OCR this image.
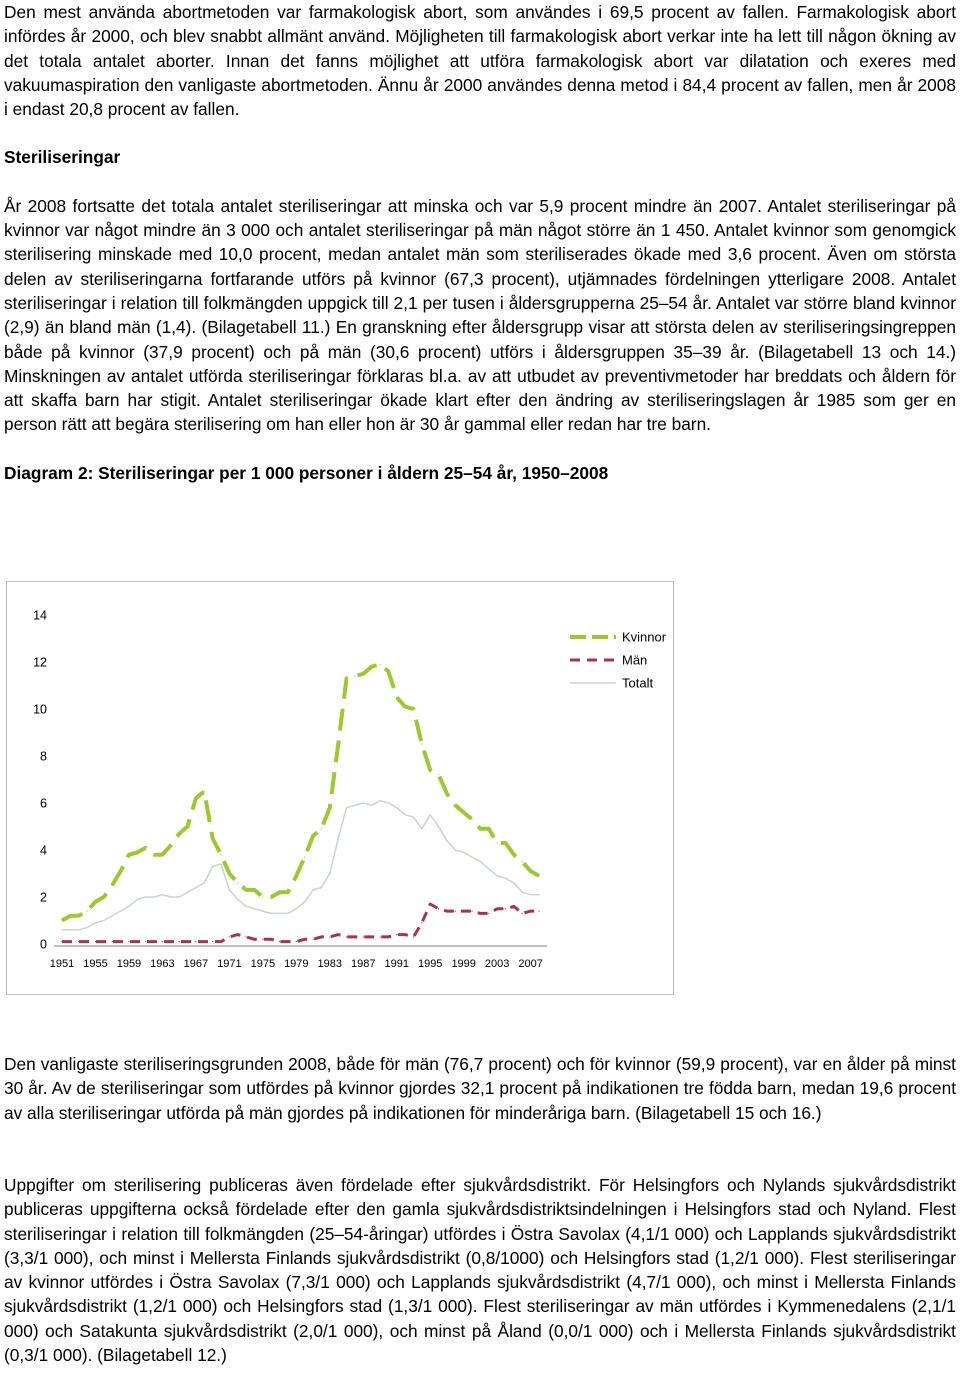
Den mest använda abortmetoden var farmakologisk abort, som användes i 69,5 procent av fallen. Farmakologisk abort infördes år 2000, och blev snabbt allmänt använd. Möjligheten till farmakologisk abort verkar inte ha lett till någon ökning av det totala antalet aborter. Innan det fanns möjlighet att utföra farmakologisk abort var dilatation och exeres med vakuumaspiration den vanligaste abortmetoden. Ännu år 2000 användes denna metod i 84,4 procent av fallen, men år 2008 i endast 20,8 procent av fallen.

Steriliseringar

År 2008 fortsatte det totala antalet steriliseringar att minska och var 5,9 procent mindre än 2007. Antalet steriliseringar på kvinnor var något mindre än 3 000 och antalet steriliseringar på män något större än 1 450. Antalet kvinnor som genomgick sterilisering minskade med 10,0 procent, medan antalet män som steriliserades ökade med 3,6 procent. Även om största delen av steriliseringarna fortfarande utförs på kvinnor (67,3 procent), utjämnades fördelningen ytterligare 2008. Antalet steriliseringar i relation till folkmängden uppgick till 2,1 per tusen i åldersgrupperna 25–54 år. Antalet var större bland kvinnor (2,9) än bland män (1,4). (Bilagetabell 11.) En granskning efter åldersgrupp visar att största delen av steriliseringsingreppen både på kvinnor (37,9 procent) och på män (30,6 procent) utförs i åldersgruppen 35–39 år. (Bilagetabell 13 och 14.) Minskningen av antalet utförda steriliseringar förklaras bl.a. av att utbudet av preventivmetoder har breddats och åldern för att skaffa barn har stigit. Antalet steriliseringar ökade klart efter den ändring av steriliseringslagen år 1985 som ger en person rätt att begära sterilisering om han eller hon är 30 år gammal eller redan har tre barn.

Diagram 2: Steriliseringar per 1 000 personer i åldern 25–54 år, 1950–2008

0
2
4
6
8
10
12
14
1951 1955 1959 1963 1967 1971 1975 1979 1983 1987 1991 1995 1999 2003 2007
Kvinnor
Män
Totalt

Den vanligaste steriliseringsgrunden 2008, både för män (76,7 procent) och för kvinnor (59,9 procent), var en ålder på minst 30 år. Av de steriliseringar som utfördes på kvinnor gjordes 32,1 procent på indikationen tre födda barn, medan 19,6 procent av alla steriliseringar utförda på män gjordes på indikationen för minderåriga barn. (Bilagetabell 15 och 16.)

Uppgifter om sterilisering publiceras även fördelade efter sjukvårdsdistrikt. För Helsingfors och Nylands sjukvårdsdistrikt publiceras uppgifterna också fördelade efter den gamla sjukvårdsdistriktsindelningen i Helsingfors stad och Nyland. Flest steriliseringar i relation till folkmängden (25–54-åringar) utfördes i Östra Savolax (4,1/1 000) och Lapplands sjukvårdsdistrikt (3,3/1 000), och minst i Mellersta Finlands sjukvårdsdistrikt (0,8/1000) och Helsingfors stad (1,2/1 000). Flest steriliseringar av kvinnor utfördes i Östra Savolax (7,3/1 000) och Lapplands sjukvårdsdistrikt (4,7/1 000), och minst i Mellersta Finlands sjukvårdsdistrikt (1,2/1 000) och Helsingfors stad (1,3/1 000). Flest steriliseringar av män utfördes i Kymmenedalens (2,1/1 000) och Satakunta sjukvårdsdistrikt (2,0/1 000), och minst på Åland (0,0/1 000) och i Mellersta Finlands sjukvårdsdistrikt (0,3/1 000). (Bilagetabell 12.)
